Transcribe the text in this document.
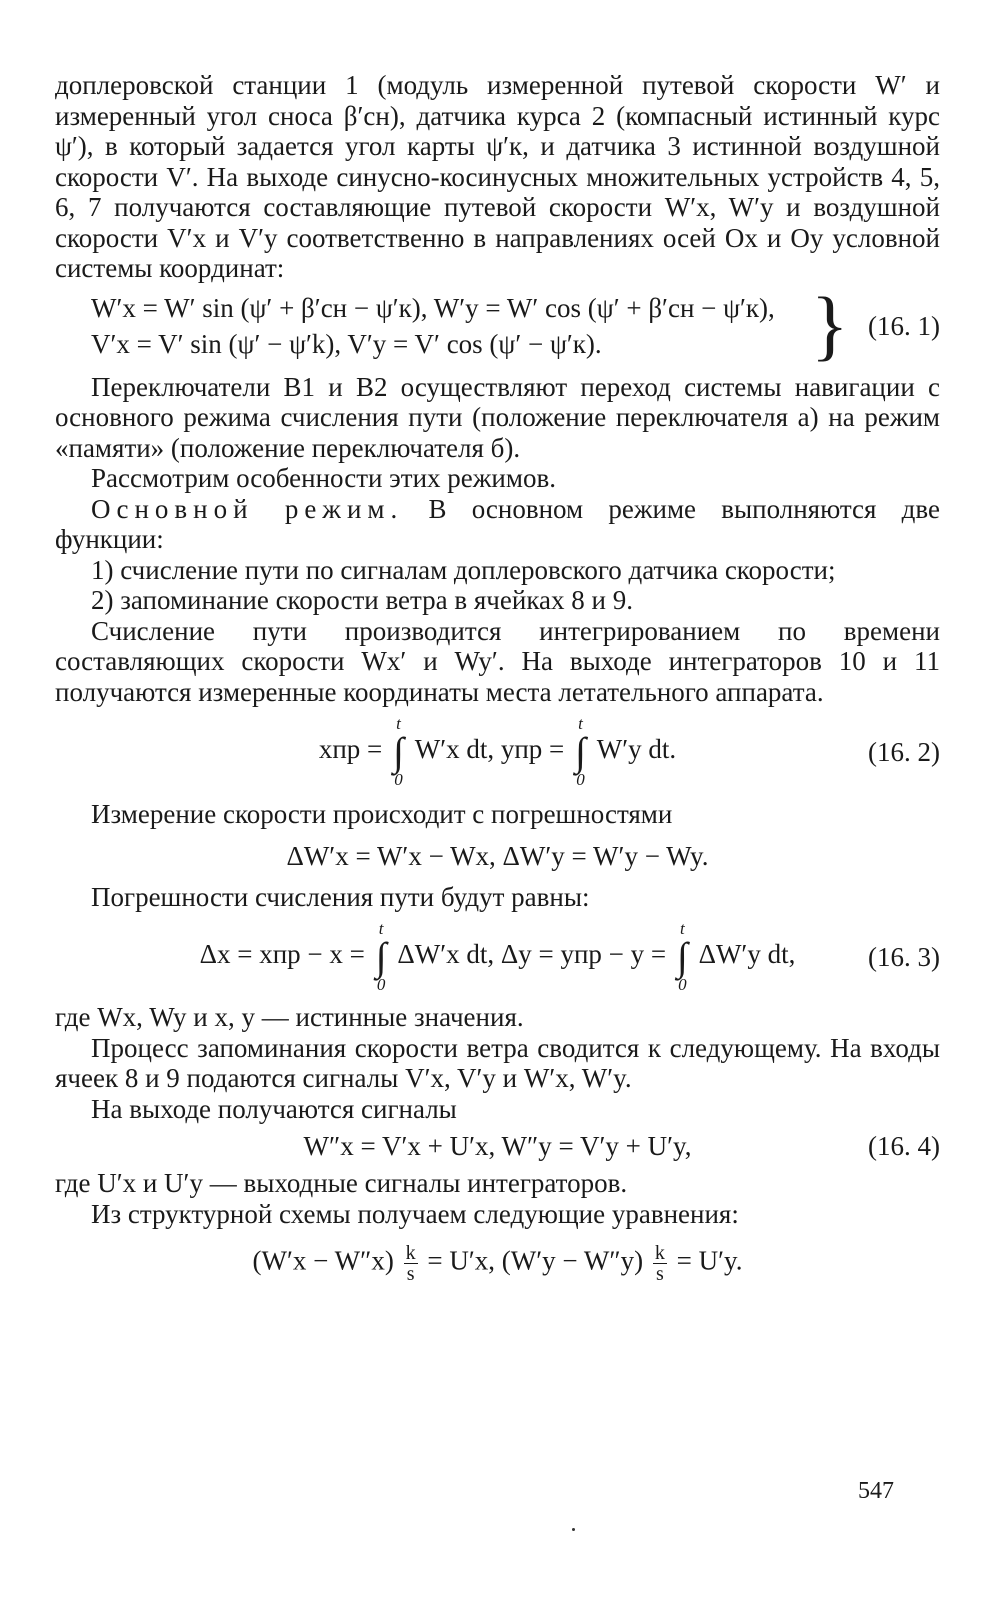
доплеровской станции 1 (модуль измеренной путевой скорости W′ и измеренный угол сноса β′сн), датчика курса 2 (компасный истинный курс ψ′), в который задается угол карты ψ′к, и датчика 3 истинной воздушной скорости V′. На выходе синусно-косинусных множительных устройств 4, 5, 6, 7 получаются составляющие путевой скорости W′x, W′y и воздушной скорости V′x и V′y соответственно в направлениях осей Ox и Oy условной системы координат:

W′x = W′ sin (ψ′ + β′сн − ψ′к), W′y = W′ cos (ψ′ + β′сн − ψ′к),
V′x = V′ sin (ψ′ − ψ′k), V′y = V′ cos (ψ′ − ψ′к).	} (16. 1)

Переключатели B1 и B2 осуществляют переход системы навигации с основного режима счисления пути (положение переключателя a) на режим «памяти» (положение переключателя б).

Рассмотрим особенности этих режимов.

Основной режим. В основном режиме выполняются две функции:

1) счисление пути по сигналам доплеровского датчика скорости;

2) запоминание скорости ветра в ячейках 8 и 9.

Счисление пути производится интегрированием по времени составляющих скорости Wx′ и Wy′. На выходе интеграторов 10 и 11 получаются измеренные координаты места летательного аппарата.

xпр =
t
∫
0
W′x dt, yпр =
t
∫
0
W′y dt.	(16. 2)

Измерение скорости происходит с погрешностями

ΔW′x = W′x − Wx, ΔW′y = W′y − Wy.

Погрешности счисления пути будут равны:

Δx = xпр − x =
t
∫
0
ΔW′x dt, Δy = yпр − y =
t
∫
0
ΔW′y dt,	(16. 3)

где Wx, Wy и x, y — истинные значения.

Процесс запоминания скорости ветра сводится к следующему. На входы ячеек 8 и 9 подаются сигналы V′x, V′y и W′x, W′y.

На выходе получаются сигналы

W″x = V′x + U′x, W″y = V′y + U′y,	(16. 4)

где U′x и U′y — выходные сигналы интеграторов.

Из структурной схемы получаем следующие уравнения:

$(W'x - W''x) \frac{k}{s} = U'x$, $(W'y - W''y) \frac{k}{s} = U'y$.
547
